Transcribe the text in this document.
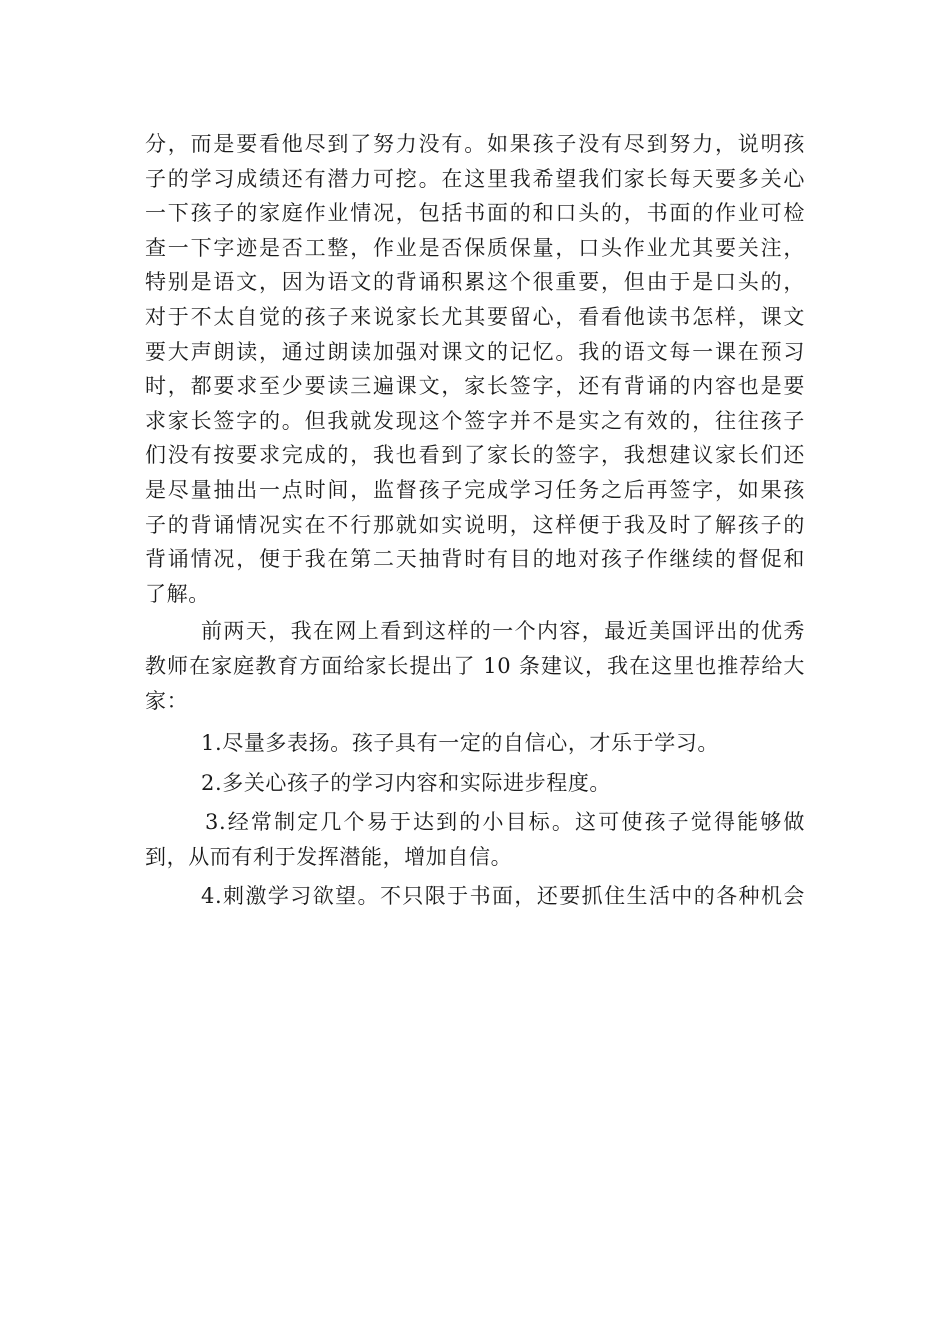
分，而是要看他尽到了努力没有。如果孩子没有尽到努力，说明孩
子的学习成绩还有潜力可挖。在这里我希望我们家长每天要多关心
一下孩子的家庭作业情况，包括书面的和口头的，书面的作业可检
查一下字迹是否工整，作业是否保质保量，口头作业尤其要关注，
特别是语文，因为语文的背诵积累这个很重要，但由于是口头的，
对于不太自觉的孩子来说家长尤其要留心，看看他读书怎样，课文
要大声朗读，通过朗读加强对课文的记忆。我的语文每一课在预习
时，都要求至少要读三遍课文，家长签字，还有背诵的内容也是要
求家长签字的。但我就发现这个签字并不是实之有效的，往往孩子
们没有按要求完成的，我也看到了家长的签字，我想建议家长们还
是尽量抽出一点时间，监督孩子完成学习任务之后再签字，如果孩
子的背诵情况实在不行那就如实说明，这样便于我及时了解孩子的
背诵情况，便于我在第二天抽背时有目的地对孩子作继续的督促和
了解。
前两天，我在网上看到这样的一个内容，最近美国评出的优秀
教师在家庭教育方面给家长提出了 10 条建议，我在这里也推荐给大
家：
1.尽量多表扬。孩子具有一定的自信心，才乐于学习。
2.多关心孩子的学习内容和实际进步程度。
3.经常制定几个易于达到的小目标。这可使孩子觉得能够做
到，从而有利于发挥潜能，增加自信。
4.刺激学习欲望。不只限于书面，还要抓住生活中的各种机会
